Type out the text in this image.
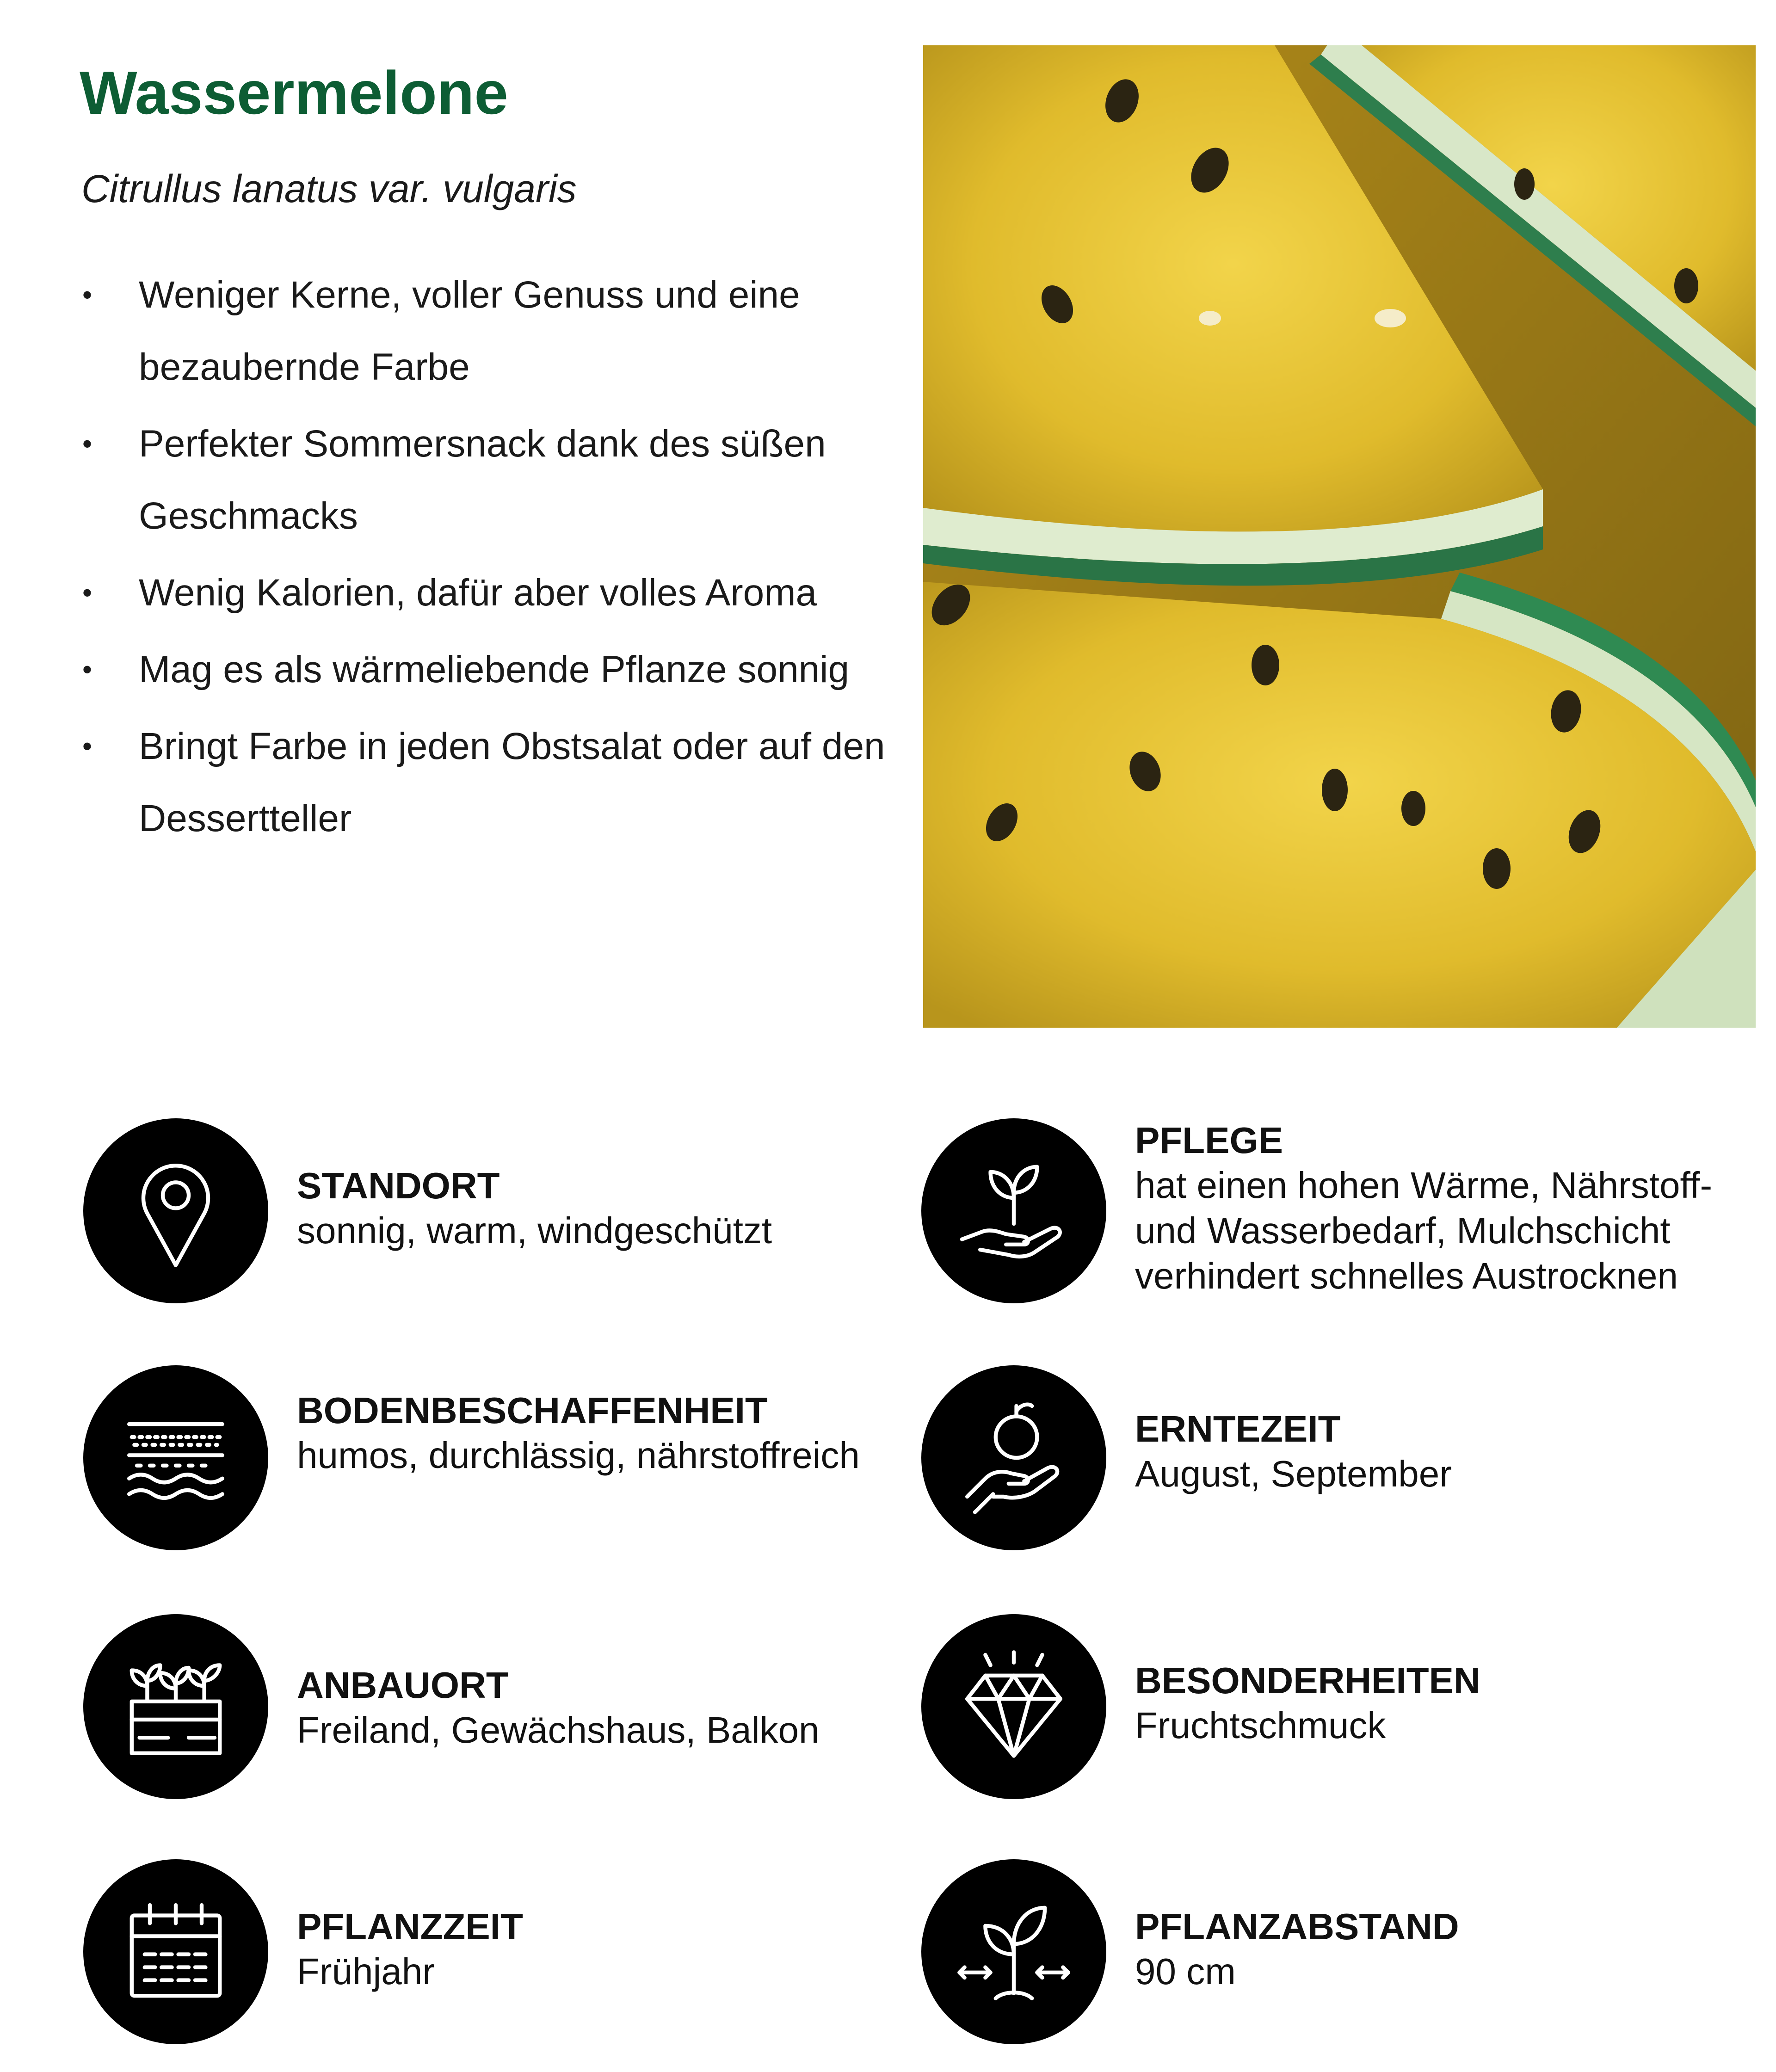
Wassermelone
Citrullus lanatus var. vulgaris
• Weniger Kerne, voller Genuss und eine bezaubernde Farbe
• Perfekter Sommersnack dank des süßen Geschmacks
• Wenig Kalorien, dafür aber volles Aroma
• Mag es als wärmeliebende Pflanze sonnig
• Bringt Farbe in jeden Obstsalat oder auf den Dessertteller
STANDORT
sonnig, warm, windgeschützt
PFLEGE
hat einen hohen Wärme, Nährstoff- und Wasserbedarf, Mulchschicht verhindert schnelles Austrocknen
BODENBESCHAFFENHEIT
humos, durchlässig, nährstoffreich
ERNTEZEIT
August, September
ANBAUORT
Freiland, Gewächshaus, Balkon
BESONDERHEITEN
Fruchtschmuck
PFLANZZEIT
Frühjahr
PFLANZABSTAND
90 cm
